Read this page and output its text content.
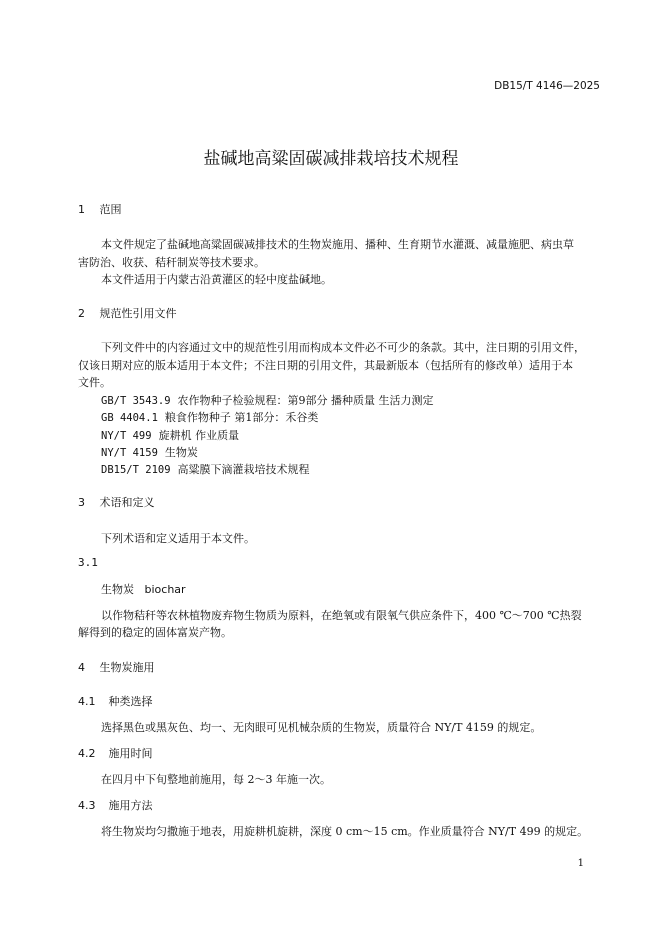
DB15/T 4146—2025
盐碱地高粱固碳减排栽培技术规程
1 范围
本文件规定了盐碱地高粱固碳减排技术的生物炭施用、播种、生育期节水灌溉、减量施肥、病虫草
害防治、收获、秸秆制炭等技术要求。
本文件适用于内蒙古沿黄灌区的轻中度盐碱地。
2 规范性引用文件
下列文件中的内容通过文中的规范性引用而构成本文件必不可少的条款。其中，注日期的引用文件，
仅该日期对应的版本适用于本文件；不注日期的引用文件，其最新版本（包括所有的修改单）适用于本
文件。
GB/T 3543.9 农作物种子检验规程：第9部分 播种质量 生活力测定
GB 4404.1 粮食作物种子 第1部分：禾谷类
NY/T 499 旋耕机 作业质量
NY/T 4159 生物炭
DB15/T 2109 高粱膜下滴灌栽培技术规程
3 术语和定义
下列术语和定义适用于本文件。
3.1
生物炭 biochar
以作物秸秆等农林植物废弃物生物质为原料，在绝氧或有限氧气供应条件下，400 ℃～700 ℃热裂
解得到的稳定的固体富炭产物。
4 生物炭施用
4.1 种类选择
选择黑色或黑灰色、均一、无肉眼可见机械杂质的生物炭，质量符合 NY/T 4159 的规定。
4.2 施用时间
在四月中下旬整地前施用，每 2～3 年施一次。
4.3 施用方法
将生物炭均匀撒施于地表，用旋耕机旋耕，深度 0 cm～15 cm。作业质量符合 NY/T 499 的规定。
1
